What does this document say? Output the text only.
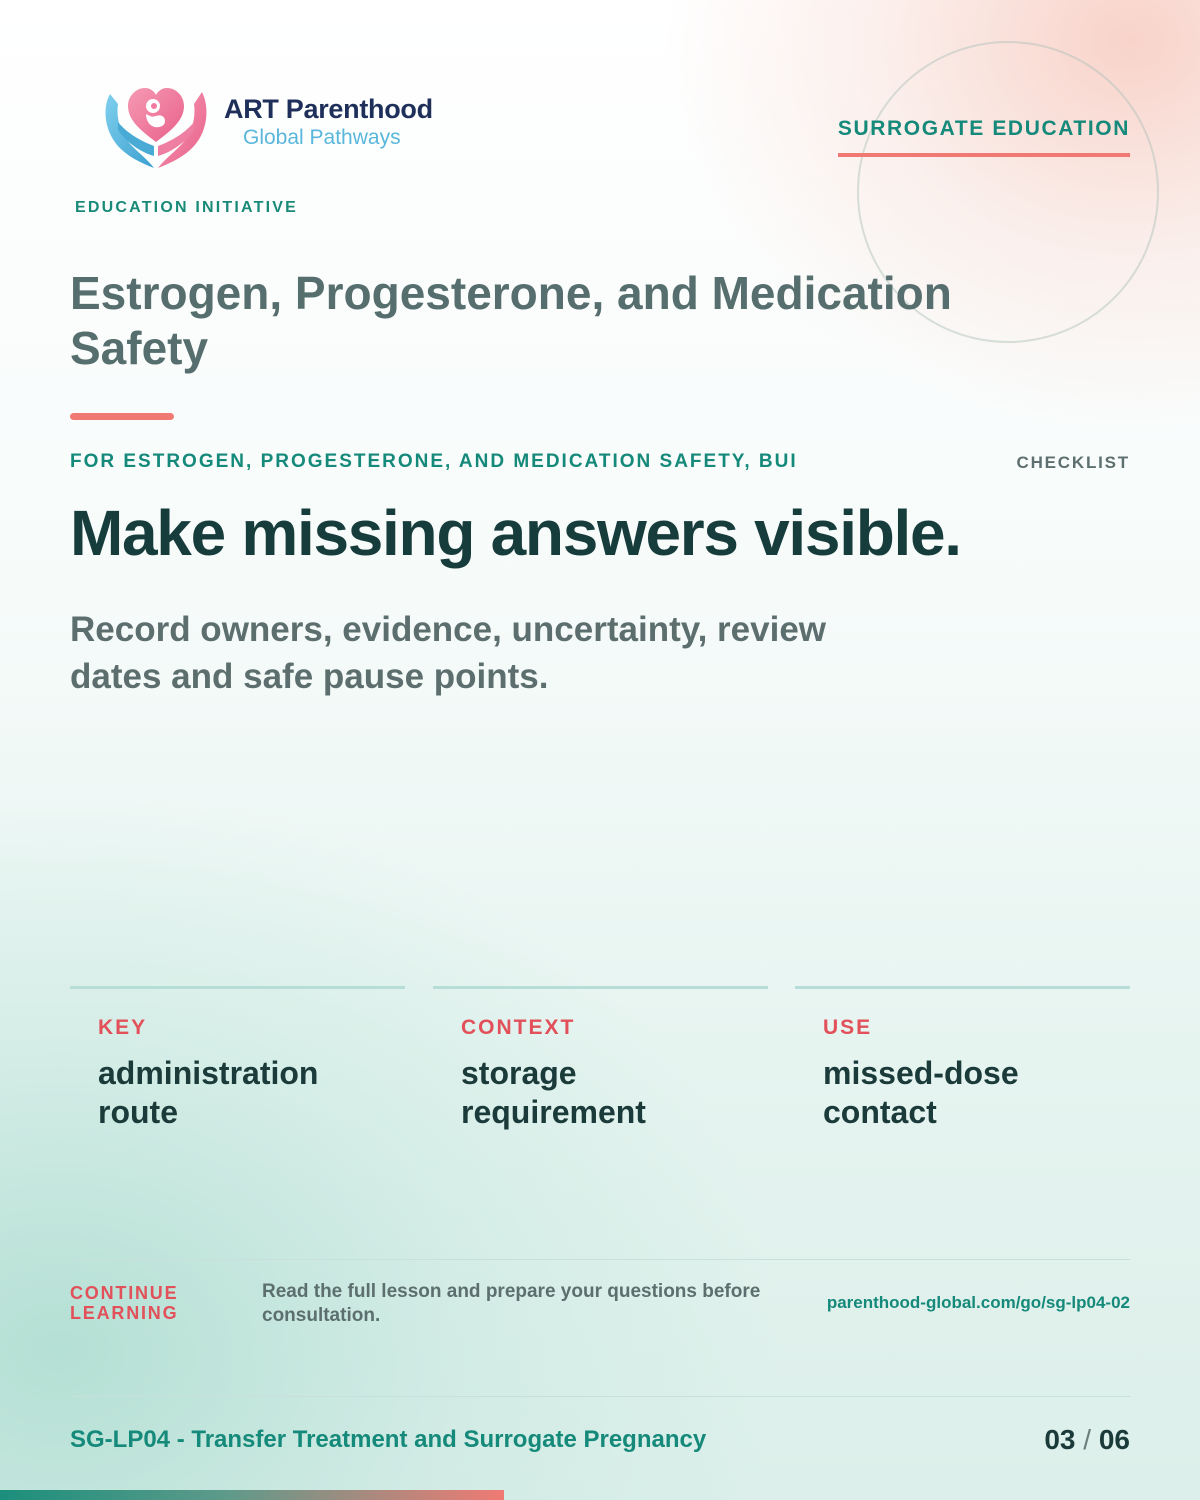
ART Parenthood
Global Pathways
EDUCATION INITIATIVE
SURROGATE EDUCATION
Estrogen, Progesterone, and Medication Safety
FOR ESTROGEN, PROGESTERONE, AND MEDICATION SAFETY, BUI	CHECKLIST
Make missing answers visible.

Record owners, evidence, uncertainty, review dates and safe pause points.

KEY
administration route
CONTEXT
storage requirement
USE
missed-dose contact
CONTINUE LEARNING
Read the full lesson and prepare your questions before consultation.
parenthood-global.com/go/sg-lp04-02
SG-LP04 - Transfer Treatment and Surrogate Pregnancy	03 / 06
